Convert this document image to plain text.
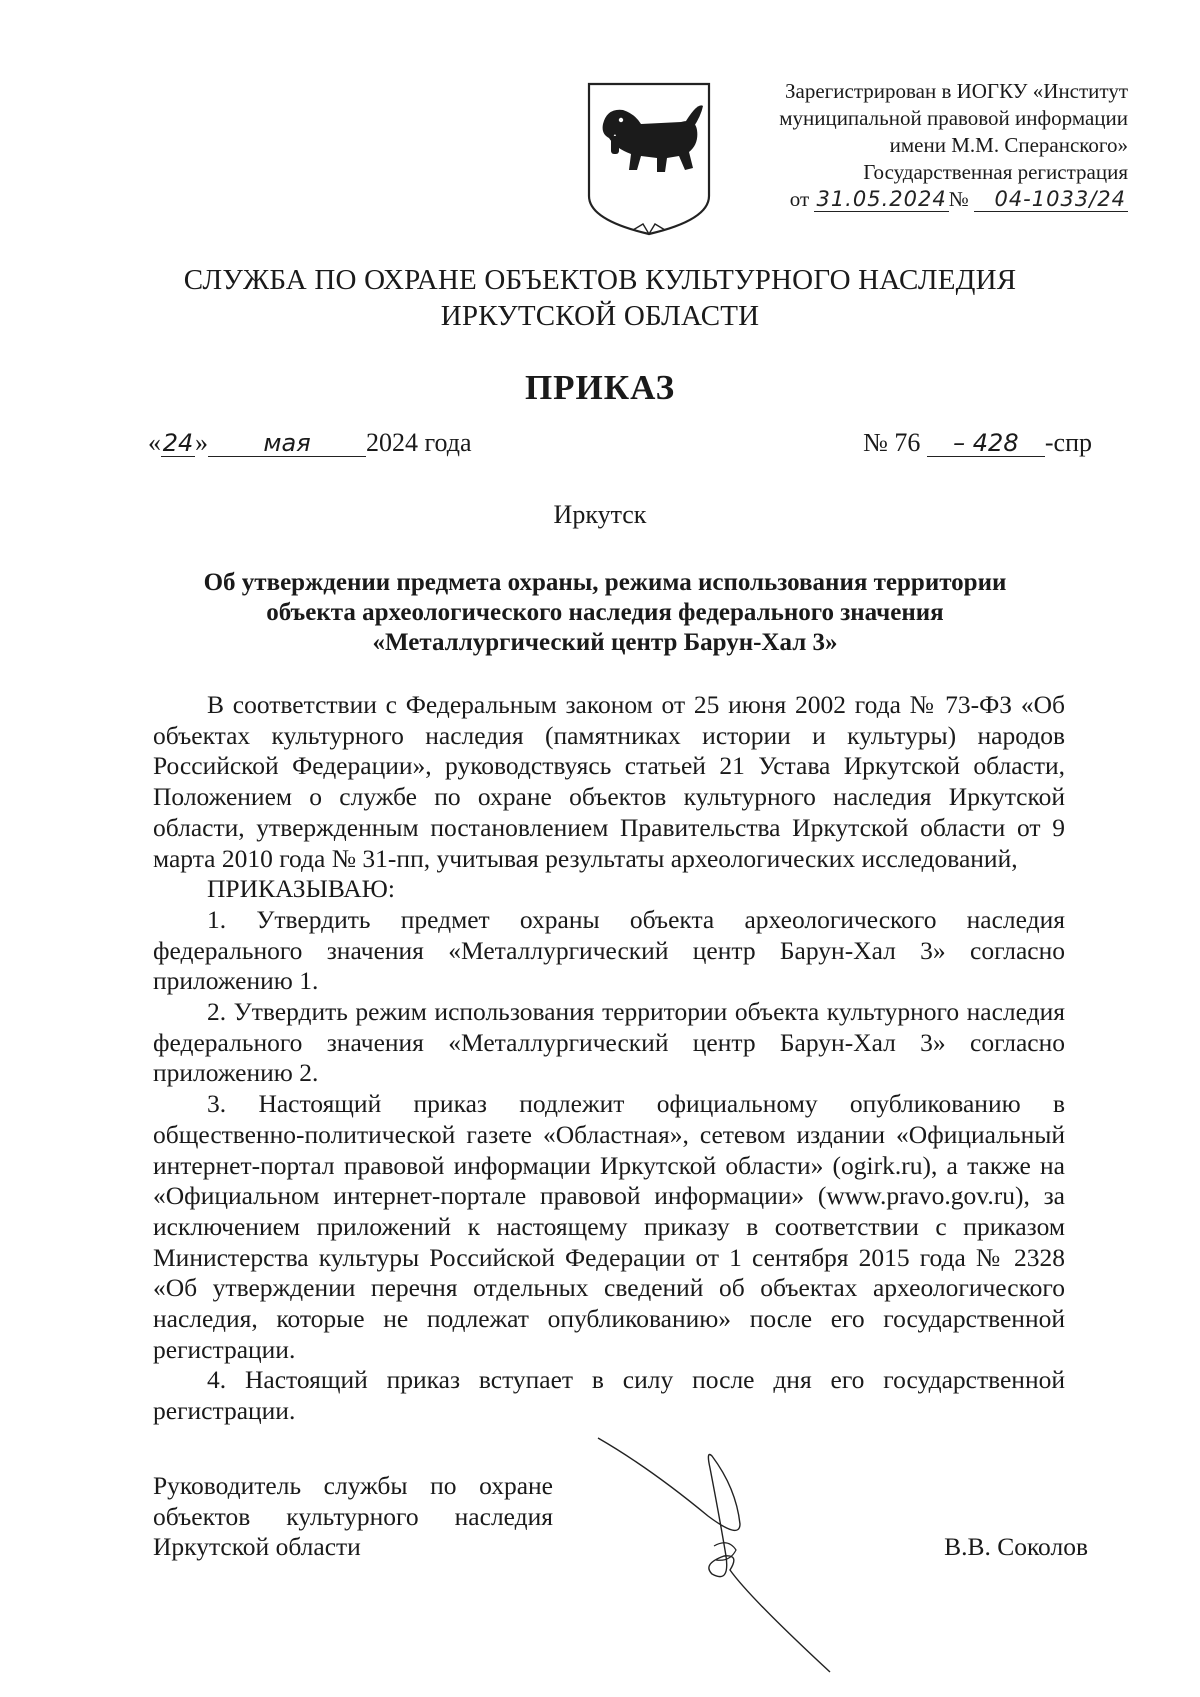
Зарегистрирован в ИОГКУ «Институт
муниципальной правовой информации
имени М.М. Сперанского»
Государственная регистрация
от 31.05.2024№ 04-1033/24
СЛУЖБА ПО ОХРАНЕ ОБЪЕКТОВ КУЛЬТУРНОГО НАСЛЕДИЯ
ИРКУТСКОЙ ОБЛАСТИ
ПРИКАЗ
«24» мая 2024 года	№ 76 – 428 -спр
Иркутск
Об утверждении предмета охраны, режима использования территории
объекта археологического наследия федерального значения
«Металлургический центр Барун-Хал 3»

В соответствии с Федеральным законом от 25 июня 2002 года № 73-ФЗ «Об объектах культурного наследия (памятниках истории и культуры) народов Российской Федерации», руководствуясь статьей 21 Устава Иркутской области, Положением о службе по охране объектов культурного наследия Иркутской области, утвержденным постановлением Правительства Иркутской области от 9 марта 2010 года № 31-пп, учитывая результаты археологических исследований,

ПРИКАЗЫВАЮ:

1. Утвердить предмет охраны объекта археологического наследия федерального значения «Металлургический центр Барун-Хал 3» согласно приложению 1.

2. Утвердить режим использования территории объекта культурного наследия федерального значения «Металлургический центр Барун-Хал 3» согласно приложению 2.

3. Настоящий приказ подлежит официальному опубликованию в общественно-политической газете «Областная», сетевом издании «Официальный интернет-портал правовой информации Иркутской области» (ogirk.ru), а также на «Официальном интернет-портале правовой информации» (www.pravo.gov.ru), за исключением приложений к настоящему приказу в соответствии с приказом Министерства культуры Российской Федерации от 1 сентября 2015 года № 2328 «Об утверждении перечня отдельных сведений об объектах археологического наследия, которые не подлежат опубликованию» после его государственной регистрации.

4. Настоящий приказ вступает в силу после дня его государственной регистрации.

Руководитель службы по охране
объектов культурного наследия
Иркутской области	В.В. Соколов
